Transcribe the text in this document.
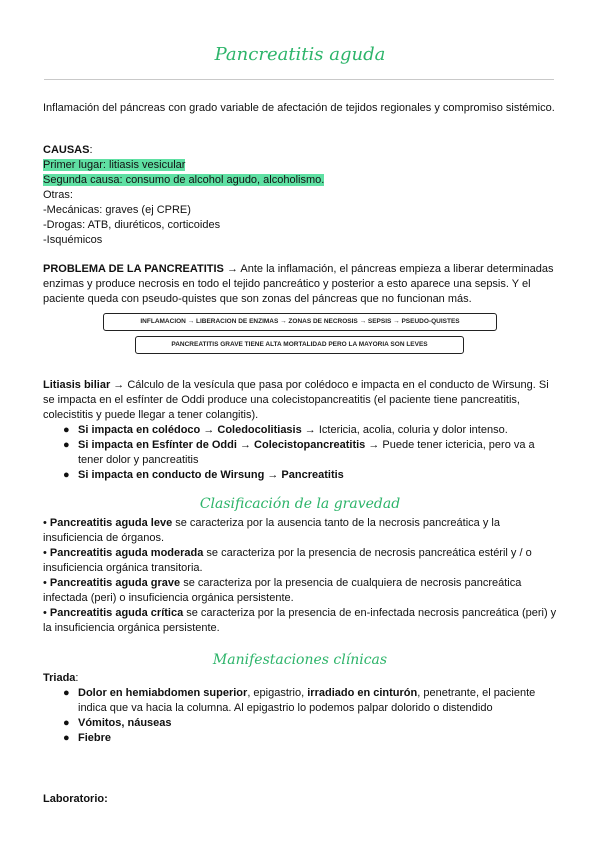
Pancreatitis aguda
Inflamación del páncreas con grado variable de afectación de tejidos regionales y compromiso sistémico.
CAUSAS:
Primer lugar: litiasis vesicular
Segunda causa: consumo de alcohol agudo, alcoholismo.
Otras:
-Mecánicas: graves (ej CPRE)
-Drogas: ATB, diuréticos, corticoides
-Isquémicos
PROBLEMA DE LA PANCREATITIS → Ante la inflamación, el páncreas empieza a liberar determinadas enzimas y produce necrosis en todo el tejido pancreático y posterior a esto aparece una sepsis. Y el paciente queda con pseudo-quistes que son zonas del páncreas que no funcionan más.
INFLAMACION → LIBERACION DE ENZIMAS → ZONAS DE NECROSIS → SEPSIS → PSEUDO-QUISTES
PANCREATITIS GRAVE TIENE ALTA MORTALIDAD PERO LA MAYORIA SON LEVES
Litiasis biliar → Cálculo de la vesícula que pasa por colédoco e impacta en el conducto de Wirsung. Si se impacta en el esfínter de Oddi produce una colecistopancreatitis (el paciente tiene pancreatitis, colecistitis y puede llegar a tener colangitis).
● Si impacta en colédoco → Coledocolitiasis → Ictericia, acolia, coluria y dolor intenso.
● Si impacta en Esfínter de Oddi → Colecistopancreatitis → Puede tener ictericia, pero va a tener dolor y pancreatitis
● Si impacta en conducto de Wirsung → Pancreatitis
Clasificación de la gravedad
• Pancreatitis aguda leve se caracteriza por la ausencia tanto de la necrosis pancreática y la insuficiencia de órganos.
• Pancreatitis aguda moderada se caracteriza por la presencia de necrosis pancreática estéril y / o insuficiencia orgánica transitoria.
• Pancreatitis aguda grave se caracteriza por la presencia de cualquiera de necrosis pancreática infectada (peri) o insuficiencia orgánica persistente.
• Pancreatitis aguda crítica se caracteriza por la presencia de en-infectada necrosis pancreática (peri) y la insuficiencia orgánica persistente.
Manifestaciones clínicas
Triada:
● Dolor en hemiabdomen superior, epigastrio, irradiado en cinturón, penetrante, el paciente indica que va hacia la columna. Al epigastrio lo podemos palpar dolorido o distendido
● Vómitos, náuseas
● Fiebre
Laboratorio:
